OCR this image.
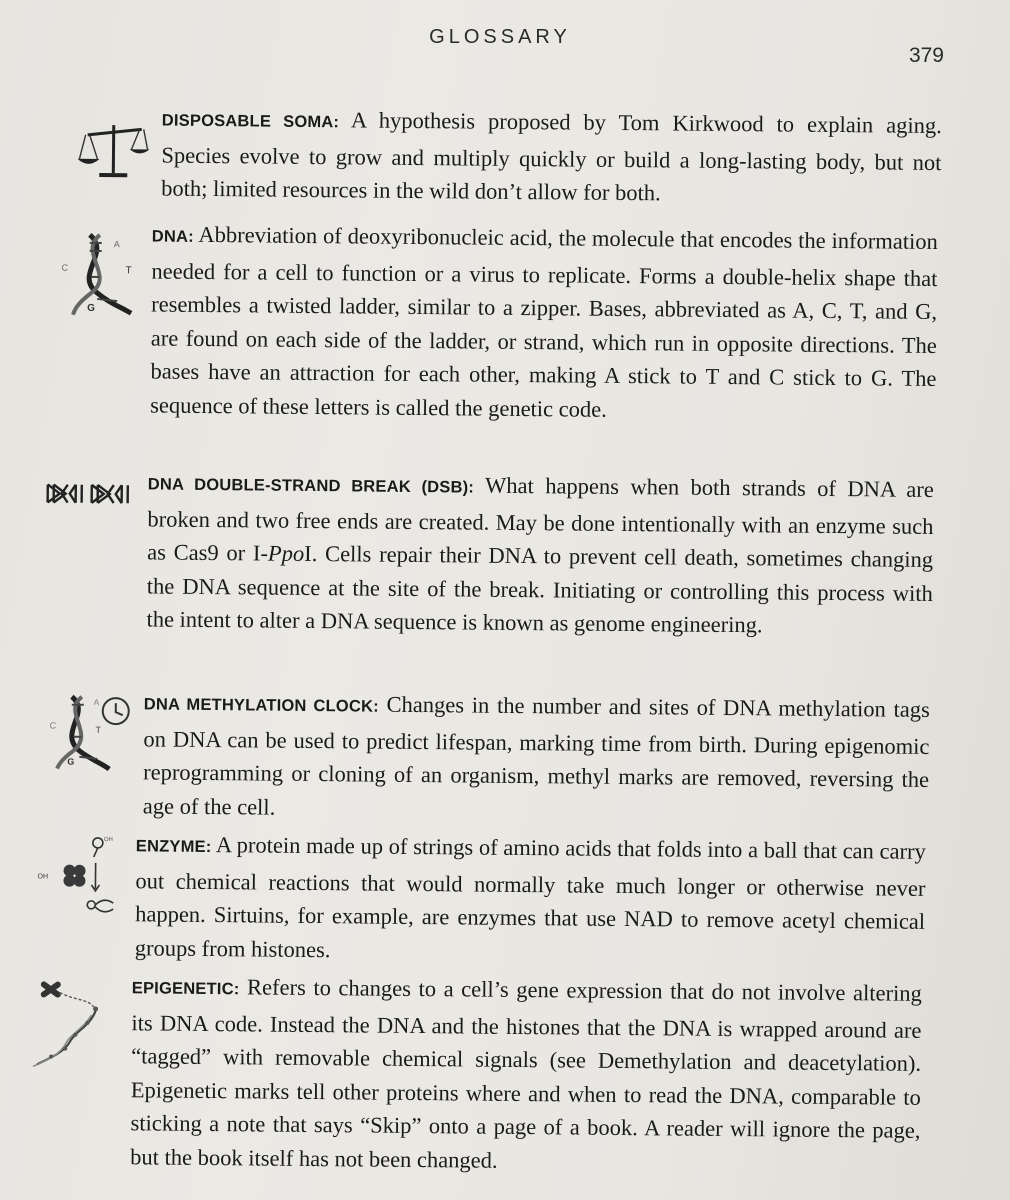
GLOSSARY
379
DISPOSABLE SOMA: A hypothesis proposed by Tom Kirkwood to explain aging. Species evolve to grow and multiply quickly or build a long-lasting body, but not both; limited resources in the wild don’t allow for both.
A
C	T
G
DNA: Abbreviation of deoxyribonucleic acid, the molecule that encodes the information needed for a cell to function or a virus to replicate. Forms a double-helix shape that resembles a twisted ladder, similar to a zipper. Bases, abbreviated as A, C, T, and G, are found on each side of the ladder, or strand, which run in opposite directions. The bases have an attraction for each other, making A stick to T and C stick to G. The sequence of these letters is called the genetic code.
DNA DOUBLE-STRAND BREAK (DSB): What happens when both strands of DNA are broken and two free ends are created. May be done intentionally with an enzyme such as Cas9 or I-PpoI. Cells repair their DNA to prevent cell death, sometimes changing the DNA sequence at the site of the break. Initiating or controlling this process with the intent to alter a DNA sequence is known as genome engineering.
A
C	T
G
DNA METHYLATION CLOCK: Changes in the number and sites of DNA methylation tags on DNA can be used to predict lifespan, marking time from birth. During epigenomic reprogramming or cloning of an organism, methyl marks are removed, reversing the age of the cell.
OH
OH
ENZYME: A protein made up of strings of amino acids that folds into a ball that can carry out chemical reactions that would normally take much longer or otherwise never happen. Sirtuins, for example, are enzymes that use NAD to remove acetyl chemical groups from histones.
EPIGENETIC: Refers to changes to a cell’s gene expression that do not involve altering its DNA code. Instead the DNA and the histones that the DNA is wrapped around are “tagged” with removable chemical signals (see Demethylation and deacetylation). Epigenetic marks tell other proteins where and when to read the DNA, comparable to sticking a note that says “Skip” onto a page of a book. A reader will ignore the page, but the book itself has not been changed.
